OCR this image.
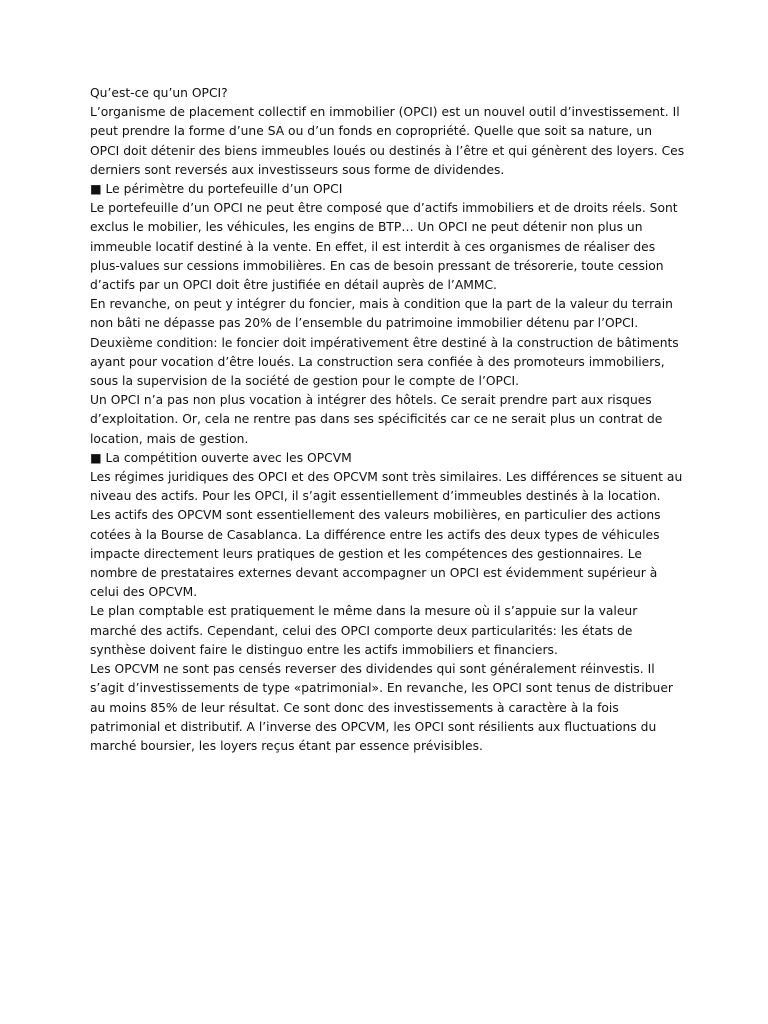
Qu’est-ce qu’un OPCI?

L’organisme de placement collectif en immobilier (OPCI) est un nouvel outil d’investissement. Il peut prendre la forme d’une SA ou d’un fonds en copropriété. Quelle que soit sa nature, un OPCI doit détenir des biens immeubles loués ou destinés à l’être et qui génèrent des loyers. Ces derniers sont reversés aux investisseurs sous forme de dividendes.

■ Le périmètre du portefeuille d’un OPCI

Le portefeuille d’un OPCI ne peut être composé que d’actifs immobiliers et de droits réels. Sont exclus le mobilier, les véhicules, les engins de BTP… Un OPCI ne peut détenir non plus un immeuble locatif destiné à la vente. En effet, il est interdit à ces organismes de réaliser des plus-values sur cessions immobilières. En cas de besoin pressant de trésorerie, toute cession d’actifs par un OPCI doit être justifiée en détail auprès de l’AMMC.

En revanche, on peut y intégrer du foncier, mais à condition que la part de la valeur du terrain non bâti ne dépasse pas 20% de l’ensemble du patrimoine immobilier détenu par l’OPCI. Deuxième condition: le foncier doit impérativement être destiné à la construction de bâtiments ayant pour vocation d’être loués. La construction sera confiée à des promoteurs immobiliers, sous la supervision de la société de gestion pour le compte de l’OPCI.

Un OPCI n’a pas non plus vocation à intégrer des hôtels. Ce serait prendre part aux risques d’exploitation. Or, cela ne rentre pas dans ses spécificités car ce ne serait plus un contrat de location, mais de gestion.

■ La compétition ouverte avec les OPCVM

Les régimes juridiques des OPCI et des OPCVM sont très similaires. Les différences se situent au niveau des actifs. Pour les OPCI, il s’agit essentiellement d’immeubles destinés à la location. Les actifs des OPCVM sont essentiellement des valeurs mobilières, en particulier des actions cotées à la Bourse de Casablanca. La différence entre les actifs des deux types de véhicules impacte directement leurs pratiques de gestion et les compétences des gestionnaires. Le nombre de prestataires externes devant accompagner un OPCI est évidemment supérieur à celui des OPCVM.

Le plan comptable est pratiquement le même dans la mesure où il s’appuie sur la valeur marché des actifs. Cependant, celui des OPCI comporte deux particularités: les états de synthèse doivent faire le distinguo entre les actifs immobiliers et financiers.

Les OPCVM ne sont pas censés reverser des dividendes qui sont généralement réinvestis. Il s’agit d’investissements de type «patrimonial». En revanche, les OPCI sont tenus de distribuer au moins 85% de leur résultat. Ce sont donc des investissements à caractère à la fois patrimonial et distributif. A l’inverse des OPCVM, les OPCI sont résilients aux fluctuations du marché boursier, les loyers reçus étant par essence prévisibles.
